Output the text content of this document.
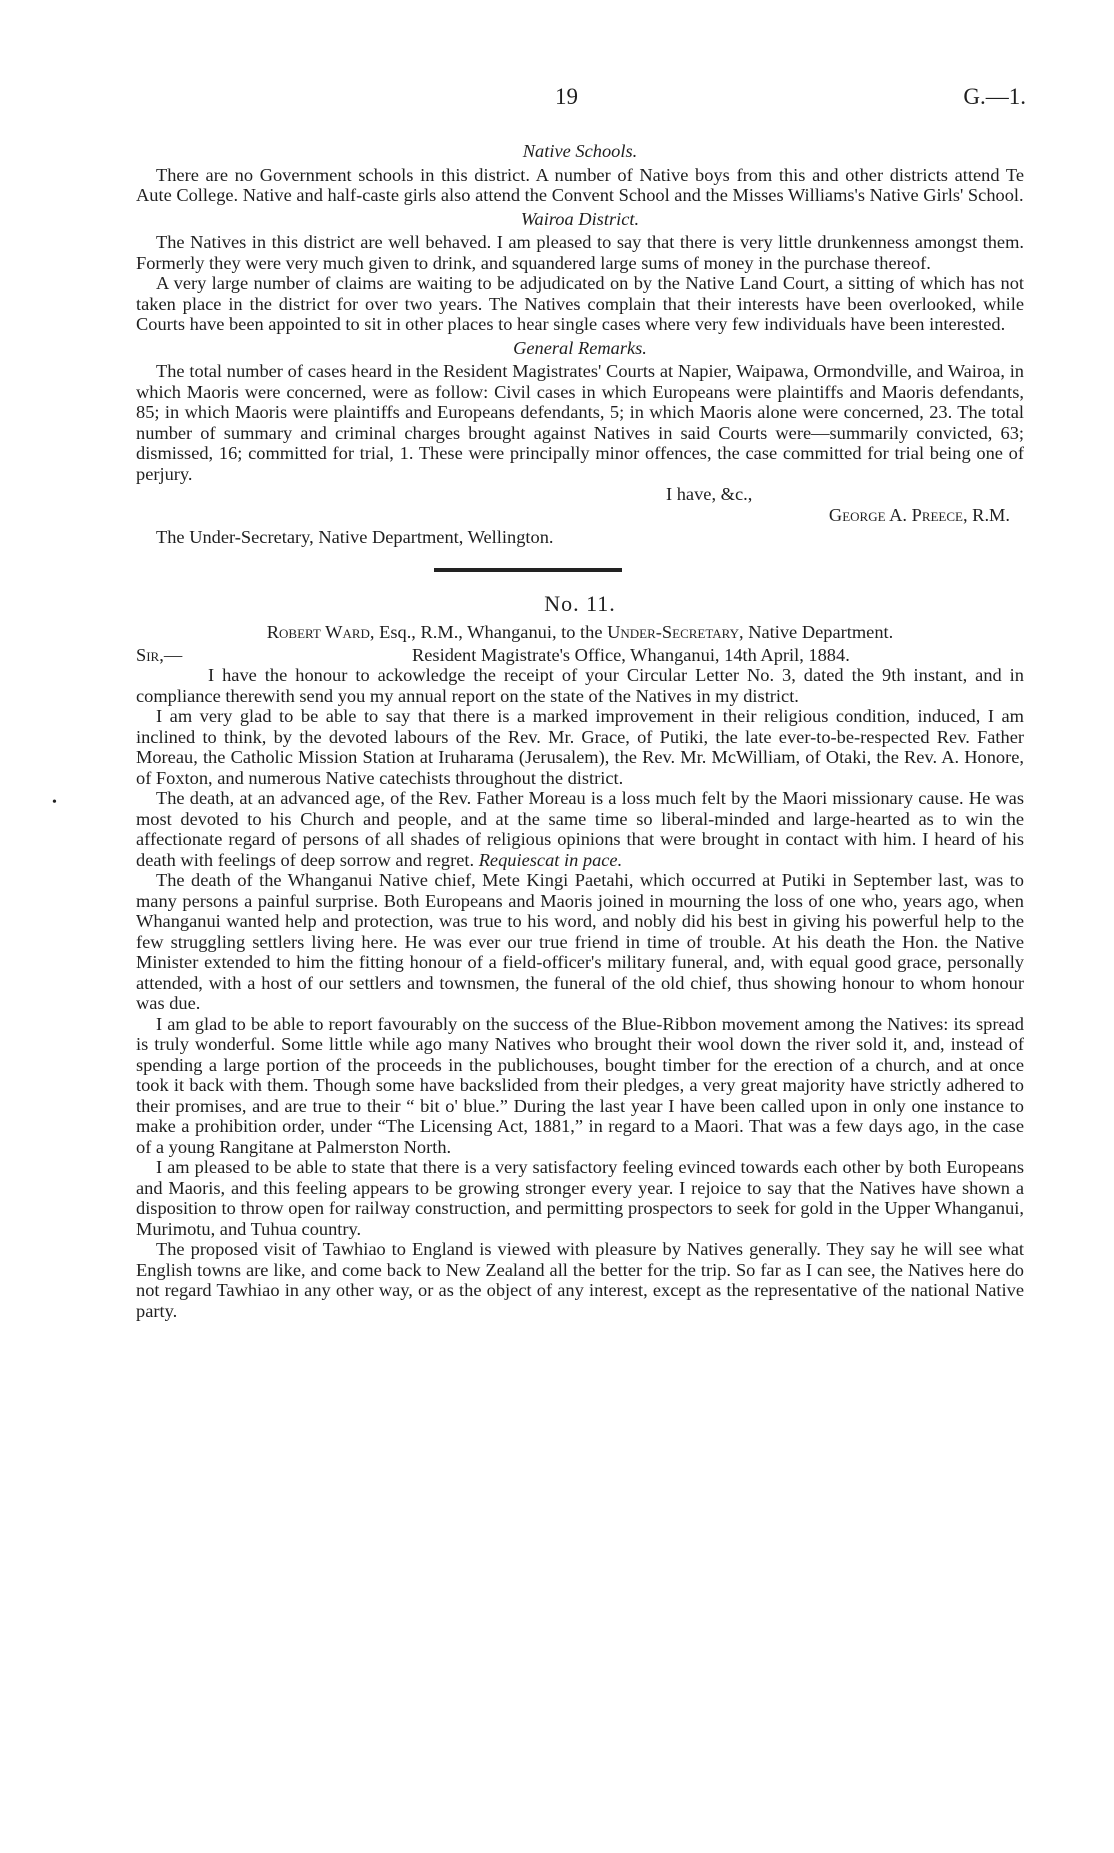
19	G.—1.
•
Native Schools.

There are no Government schools in this district. A number of Native boys from this and other districts attend Te Aute College. Native and half-caste girls also attend the Convent School and the Misses Williams's Native Girls' School.

Wairoa District.

The Natives in this district are well behaved. I am pleased to say that there is very little drunkenness amongst them. Formerly they were very much given to drink, and squandered large sums of money in the purchase thereof.

A very large number of claims are waiting to be adjudicated on by the Native Land Court, a sitting of which has not taken place in the district for over two years. The Natives complain that their interests have been overlooked, while Courts have been appointed to sit in other places to hear single cases where very few individuals have been interested.

General Remarks.

The total number of cases heard in the Resident Magistrates' Courts at Napier, Waipawa, Ormondville, and Wairoa, in which Maoris were concerned, were as follow: Civil cases in which Europeans were plaintiffs and Maoris defendants, 85; in which Maoris were plaintiffs and Europeans defendants, 5; in which Maoris alone were concerned, 23. The total number of summary and criminal charges brought against Natives in said Courts were—summarily convicted, 63; dismissed, 16; committed for trial, 1. These were principally minor offences, the case committed for trial being one of perjury.

I have, &c.,
George A. Preece, R.M.
The Under-Secretary, Native Department, Wellington.
No. 11.
Robert Ward, Esq., R.M., Whanganui, to the Under-Secretary, Native Department.
Sir,—	Resident Magistrate's Office, Whanganui, 14th April, 1884.

I have the honour to ackowledge the receipt of your Circular Letter No. 3, dated the 9th instant, and in compliance therewith send you my annual report on the state of the Natives in my district.

I am very glad to be able to say that there is a marked improvement in their religious condition, induced, I am inclined to think, by the devoted labours of the Rev. Mr. Grace, of Putiki, the late ever-to-be-respected Rev. Father Moreau, the Catholic Mission Station at Iruharama (Jerusalem), the Rev. Mr. McWilliam, of Otaki, the Rev. A. Honore, of Foxton, and numerous Native catechists throughout the district.

The death, at an advanced age, of the Rev. Father Moreau is a loss much felt by the Maori missionary cause. He was most devoted to his Church and people, and at the same time so liberal-minded and large-hearted as to win the affectionate regard of persons of all shades of religious opinions that were brought in contact with him. I heard of his death with feelings of deep sorrow and regret. Requiescat in pace.

The death of the Whanganui Native chief, Mete Kingi Paetahi, which occurred at Putiki in September last, was to many persons a painful surprise. Both Europeans and Maoris joined in mourning the loss of one who, years ago, when Whanganui wanted help and protection, was true to his word, and nobly did his best in giving his powerful help to the few struggling settlers living here. He was ever our true friend in time of trouble. At his death the Hon. the Native Minister extended to him the fitting honour of a field-officer's military funeral, and, with equal good grace, personally attended, with a host of our settlers and townsmen, the funeral of the old chief, thus showing honour to whom honour was due.

I am glad to be able to report favourably on the success of the Blue-Ribbon movement among the Natives: its spread is truly wonderful. Some little while ago many Natives who brought their wool down the river sold it, and, instead of spending a large portion of the proceeds in the publichouses, bought timber for the erection of a church, and at once took it back with them. Though some have backslided from their pledges, a very great majority have strictly adhered to their promises, and are true to their “ bit o' blue.” During the last year I have been called upon in only one instance to make a prohibition order, under “The Licensing Act, 1881,” in regard to a Maori. That was a few days ago, in the case of a young Rangitane at Palmerston North.

I am pleased to be able to state that there is a very satisfactory feeling evinced towards each other by both Europeans and Maoris, and this feeling appears to be growing stronger every year. I rejoice to say that the Natives have shown a disposition to throw open for railway construction, and permitting prospectors to seek for gold in the Upper Whanganui, Murimotu, and Tuhua country.

The proposed visit of Tawhiao to England is viewed with pleasure by Natives generally. They say he will see what English towns are like, and come back to New Zealand all the better for the trip. So far as I can see, the Natives here do not regard Tawhiao in any other way, or as the object of any interest, except as the representative of the national Native party.
